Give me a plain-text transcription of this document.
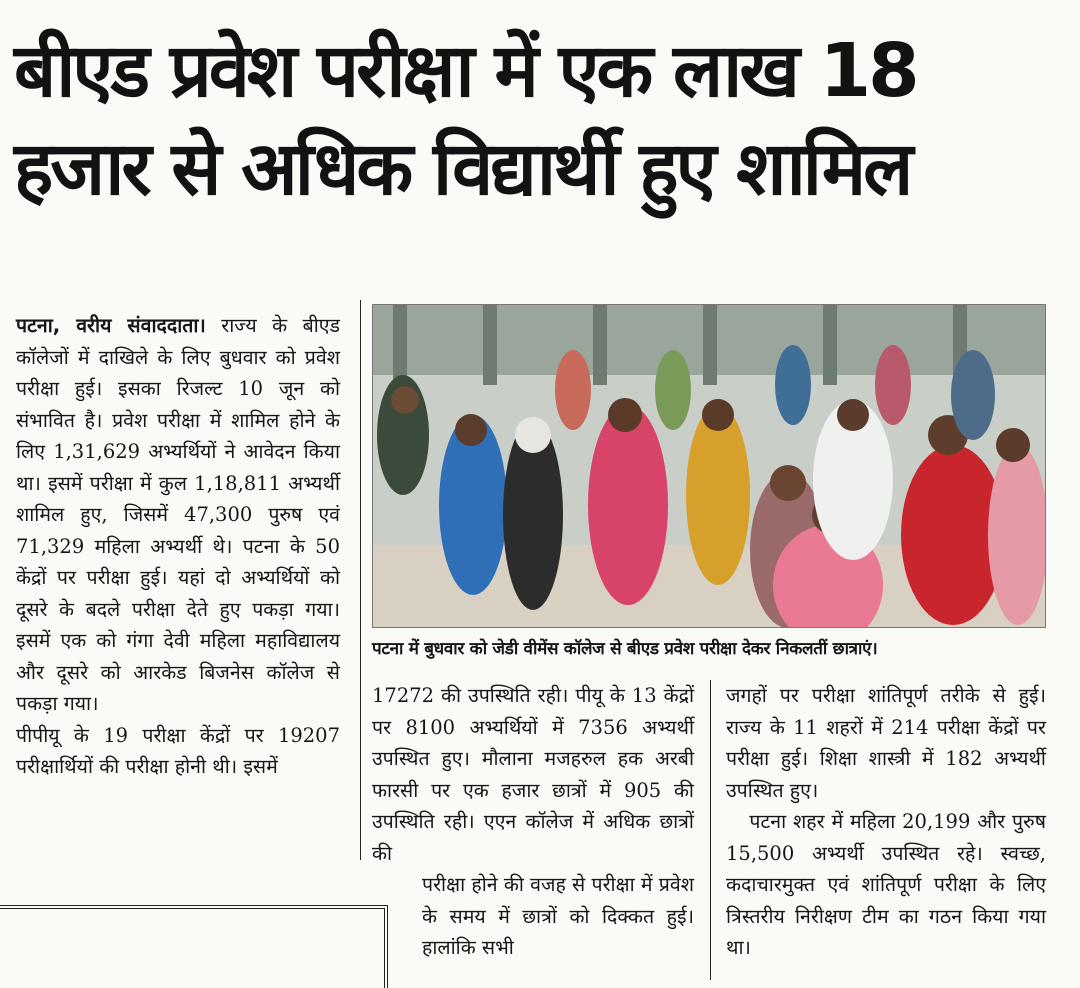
बीएड प्रवेश परीक्षा में एक लाख 18
हजार से अधिक विद्यार्थी हुए शामिल

पटना, वरीय संवाददाता। राज्य के बीएड कॉलेजों में दाखिले के लिए बुधवार को प्रवेश परीक्षा हुई। इसका रिजल्ट 10 जून को संभावित है। प्रवेश परीक्षा में शामिल होने के लिए 1,31,629 अभ्यर्थियों ने आवेदन किया था। इसमें परीक्षा में कुल 1,18,811 अभ्यर्थी शामिल हुए, जिसमें 47,300 पुरुष एवं 71,329 महिला अभ्यर्थी थे। पटना के 50 केंद्रों पर परीक्षा हुई। यहां दो अभ्यर्थियों को दूसरे के बदले परीक्षा देते हुए पकड़ा गया। इसमें एक को गंगा देवी महिला महाविद्यालय और दूसरे को आरकेड बिजनेस कॉलेज से पकड़ा गया।

पीपीयू के 19 परीक्षा केंद्रों पर 19207 परीक्षार्थियों की परीक्षा होनी थी। इसमें

पटना में बुधवार को जेडी वीमेंस कॉलेज से बीएड प्रवेश परीक्षा देकर निकलतीं छात्राएं।

17272 की उपस्थिति रही। पीयू के 13 केंद्रों पर 8100 अभ्यर्थियों में 7356 अभ्यर्थी उपस्थित हुए। मौलाना मजहरुल हक अरबी फारसी पर एक हजार छात्रों में 905 की उपस्थिति रही। एएन कॉलेज में अधिक छात्रों की

परीक्षा होने की वजह से परीक्षा में प्रवेश के समय में छात्रों को दिक्कत हुई। हालांकि सभी

जगहों पर परीक्षा शांतिपूर्ण तरीके से हुई। राज्य के 11 शहरों में 214 परीक्षा केंद्रों पर परीक्षा हुई। शिक्षा शास्त्री में 182 अभ्यर्थी उपस्थित हुए।

पटना शहर में महिला 20,199 और पुरुष 15,500 अभ्यर्थी उपस्थित रहे। स्वच्छ, कदाचारमुक्त एवं शांतिपूर्ण परीक्षा के लिए त्रिस्तरीय निरीक्षण टीम का गठन किया गया था।
